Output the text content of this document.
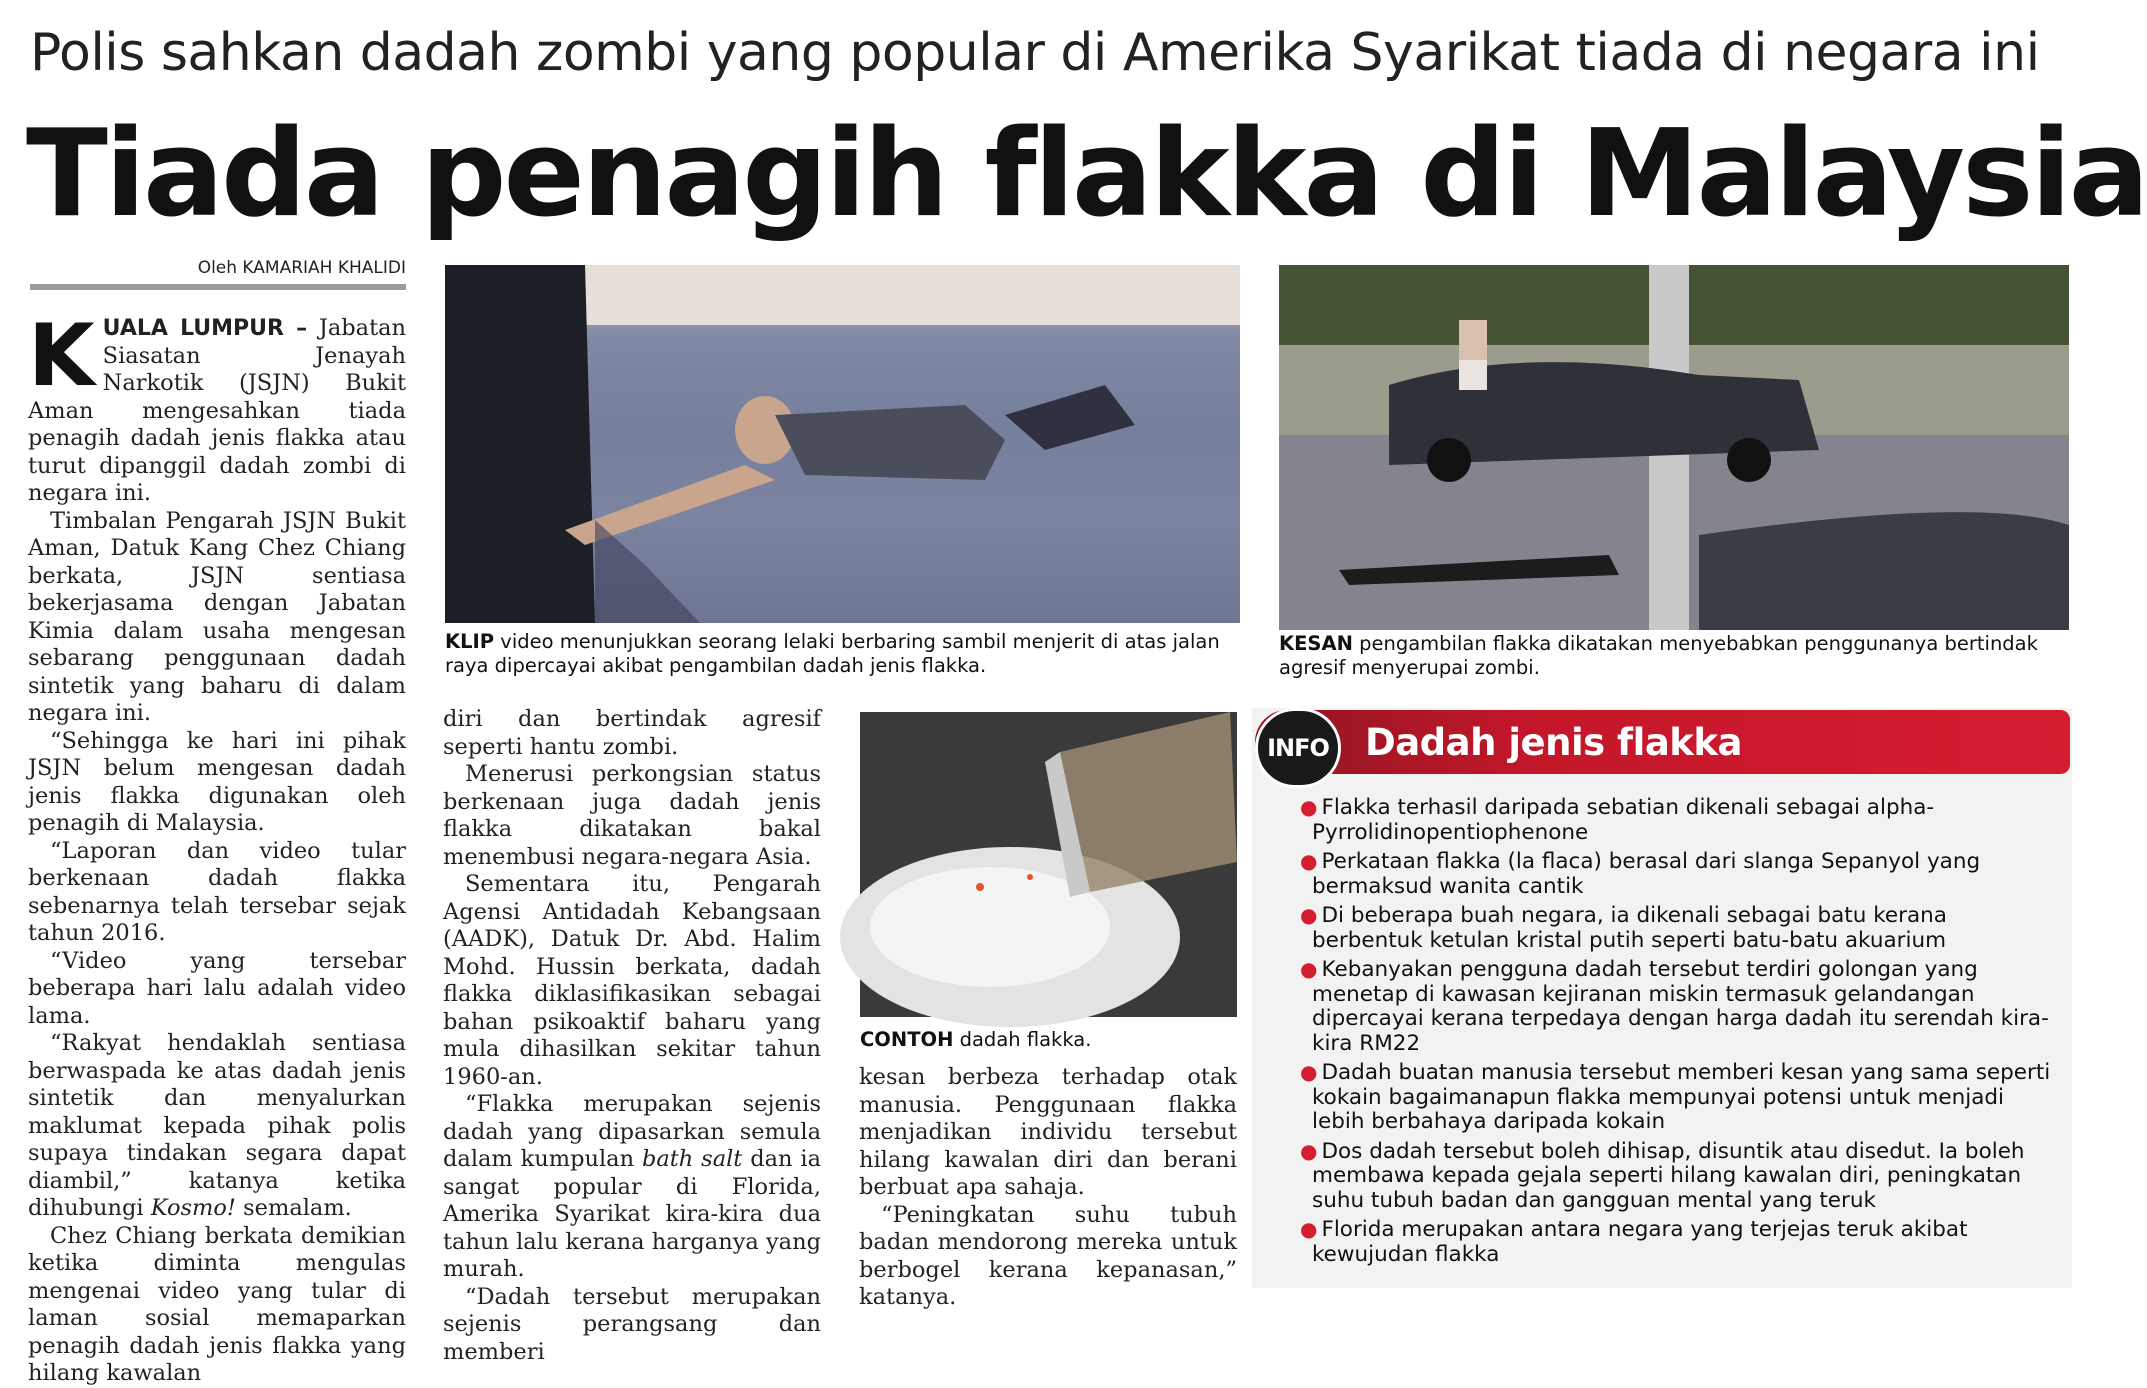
Polis sahkan dadah zombi yang popular di Amerika Syarikat tiada di negara ini
Tiada penagih flakka di Malaysia
Oleh KAMARIAH KHALIDI
K UALA LUMPUR – Jabatan Siasatan Jenayah Narkotik (JSJN) Bukit Aman mengesahkan tiada penagih dadah jenis flakka atau turut dipanggil dadah zombi di negara ini.

Timbalan Pengarah JSJN Bukit Aman, Datuk Kang Chez Chiang berkata, JSJN sentiasa bekerjasama dengan Jabatan Kimia dalam usaha mengesan sebarang penggunaan dadah sintetik yang baharu di dalam negara ini.

“Sehingga ke hari ini pihak JSJN belum mengesan dadah jenis flakka digunakan oleh penagih di Malaysia.

“Laporan dan video tular berkenaan dadah flakka sebenarnya telah tersebar sejak tahun 2016.

“Video yang tersebar beberapa hari lalu adalah video lama.

“Rakyat hendaklah sentiasa berwaspada ke atas dadah jenis sintetik dan menyalurkan maklumat kepada pihak polis supaya tindakan segara dapat diambil,” katanya ketika dihubungi Kosmo! semalam.

Chez Chiang berkata demikian ketika diminta mengulas mengenai video yang tular di laman sosial memaparkan penagih dadah jenis flakka yang hilang kawalan

KLIP video menunjukkan seorang lelaki berbaring sambil menjerit di atas jalan raya dipercayai akibat pengambilan dadah jenis flakka.
KESAN pengambilan flakka dikatakan menyebabkan penggunanya bertindak agresif menyerupai zombi.

diri dan bertindak agresif seperti hantu zombi.

Menerusi perkongsian status berkenaan juga dadah jenis flakka dikatakan bakal menembusi negara-negara Asia.

Sementara itu, Pengarah Agensi Antidadah Kebangsaan (AADK), Datuk Dr. Abd. Halim Mohd. Hussin berkata, dadah flakka diklasifikasikan sebagai bahan psikoaktif baharu yang mula dihasilkan sekitar tahun 1960-an.

“Flakka merupakan sejenis dadah yang dipasarkan semula dalam kumpulan bath salt dan ia sangat popular di Florida, Amerika Syarikat kira-kira dua tahun lalu kerana harganya yang murah.

“Dadah tersebut merupakan sejenis perangsang dan memberi

CONTOH dadah flakka.

kesan berbeza terhadap otak manusia. Penggunaan flakka menjadikan individu tersebut hilang kawalan diri dan berani berbuat apa sahaja.

“Peningkatan suhu tubuh badan mendorong mereka untuk berbogel kerana kepanasan,” katanya.

INFO Dadah jenis flakka
● Flakka terhasil daripada sebatian dikenali sebagai alpha-Pyrrolidinopentiophenone
● Perkataan flakka (la flaca) berasal dari slanga Sepanyol yang bermaksud wanita cantik
● Di beberapa buah negara, ia dikenali sebagai batu kerana berbentuk ketulan kristal putih seperti batu-batu akuarium
● Kebanyakan pengguna dadah tersebut terdiri golongan yang menetap di kawasan kejiranan miskin termasuk gelandangan dipercayai kerana terpedaya dengan harga dadah itu serendah kira-kira RM22
● Dadah buatan manusia tersebut memberi kesan yang sama seperti kokain bagaimanapun flakka mempunyai potensi untuk menjadi lebih berbahaya daripada kokain
● Dos dadah tersebut boleh dihisap, disuntik atau disedut. Ia boleh membawa kepada gejala seperti hilang kawalan diri, peningkatan suhu tubuh badan dan gangguan mental yang teruk
● Florida merupakan antara negara yang terjejas teruk akibat kewujudan flakka
